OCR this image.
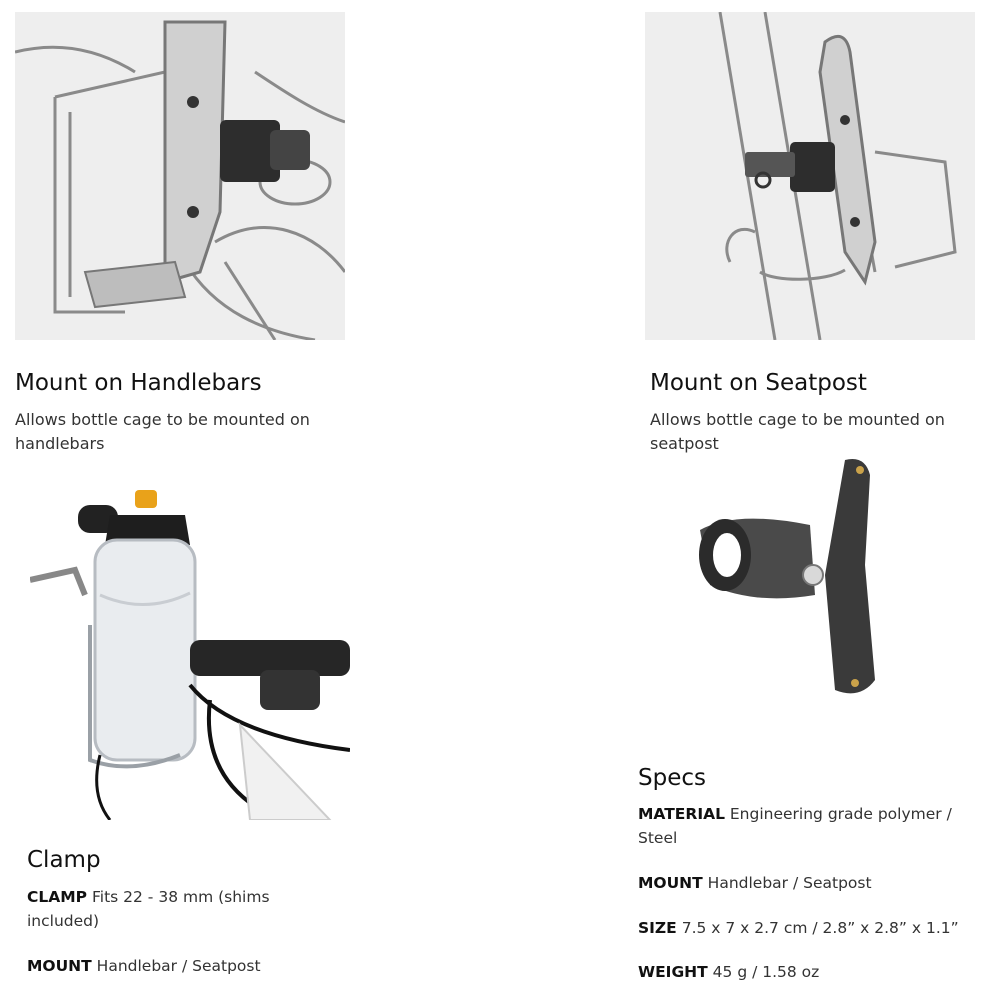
Mount on Handlebars
Allows bottle cage to be mounted on handlebars
Mount on Seatpost
Allows bottle cage to be mounted on seatpost
Clamp
CLAMP Fits 22 - 38 mm (shims included)
MOUNT Handlebar / Seatpost
Specs
MATERIAL Engineering grade polymer / Steel
MOUNT Handlebar / Seatpost
SIZE 7.5 x 7 x 2.7 cm / 2.8” x 2.8” x 1.1”
WEIGHT 45 g / 1.58 oz
